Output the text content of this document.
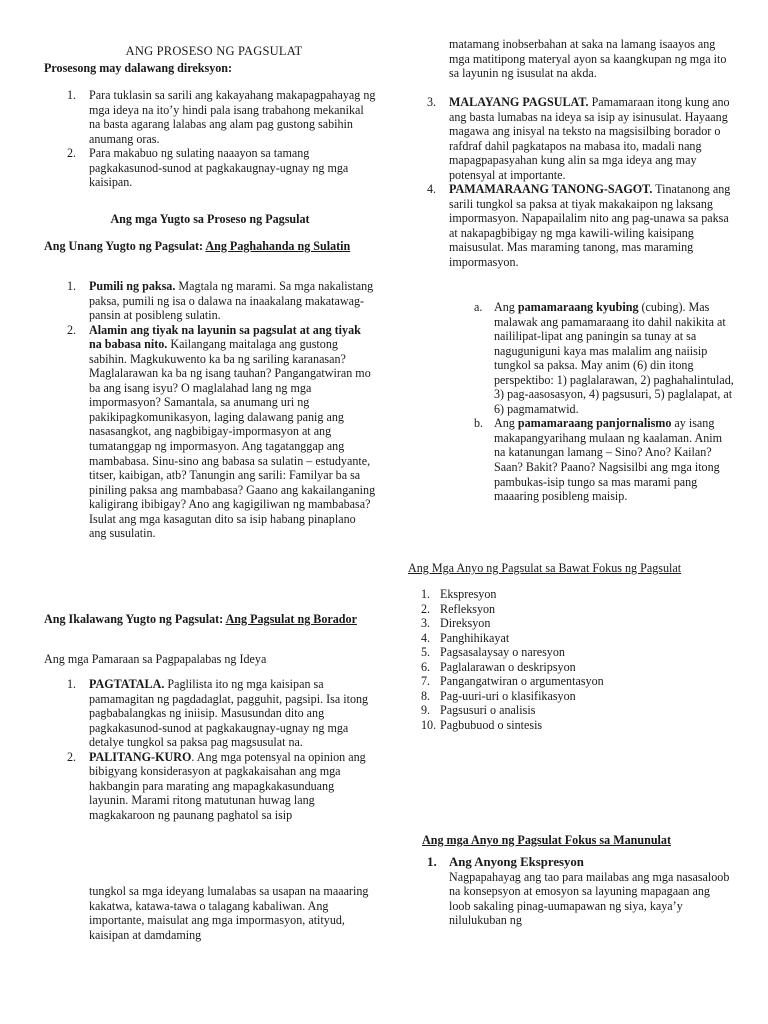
ANG PROSESO NG PAGSULAT

Prosesong may dalawang direksyon:

1. Para tuklasin sa sarili ang kakayahang makapagpahayag ng mga ideya na ito’y hindi pala isang trabahong mekanikal na basta agarang lalabas ang alam pag gustong sabihin anumang oras.
2. Para makabuo ng sulating naaayon sa tamang pagkakasunod-sunod at pagkakaugnay-ugnay ng mga kaisipan.

Ang mga Yugto sa Proseso ng Pagsulat

Ang Unang Yugto ng Pagsulat: Ang Paghahanda ng Sulatin

1. Pumili ng paksa. Magtala ng marami. Sa mga nakalistang paksa, pumili ng isa o dalawa na inaakalang makatawag-pansin at posibleng sulatin.
2. Alamin ang tiyak na layunin sa pagsulat at ang tiyak na babasa nito. Kailangang maitalaga ang gustong sabihin. Magkukuwento ka ba ng sariling karanasan? Maglalarawan ka ba ng isang tauhan? Pangangatwiran mo ba ang isang isyu? O maglalahad lang ng mga impormasyon? Samantala, sa anumang uri ng pakikipagkomunikasyon, laging dalawang panig ang nasasangkot, ang nagbibigay-impormasyon at ang tumatanggap ng impormasyon. Ang tagatanggap ang mambabasa. Sinu-sino ang babasa sa sulatin – estudyante, titser, kaibigan, atb? Tanungin ang sarili: Familyar ba sa piniling paksa ang mambabasa? Gaano ang kakailanganing kaligirang ibibigay? Ano ang kagigiliwan ng mambabasa? Isulat ang mga kasagutan dito sa isip habang pinaplano ang susulatin.

Ang Ikalawang Yugto ng Pagsulat: Ang Pagsulat ng Borador

Ang mga Pamaraan sa Pagpapalabas ng Ideya

1. PAGTATALA. Paglilista ito ng mga kaisipan sa pamamagitan ng pagdadaglat, pagguhit, pagsipi. Isa itong pagbabalangkas ng iniisip. Masusundan dito ang pagkakasunod-sunod at pagkakaugnay-ugnay ng mga detalye tungkol sa paksa pag magsusulat na.
2. PALITANG-KURO. Ang mga potensyal na opinion ang bibigyang konsiderasyon at pagkakaisahan ang mga hakbangin para marating ang mapagkakasunduang layunin. Marami ritong matutunan huwag lang magkakaroon ng paunang paghatol sa isip

tungkol sa mga ideyang lumalabas sa usapan na maaaring kakatwa, katawa-tawa o talagang kabaliwan. Ang importante, maisulat ang mga impormasyon, atityud, kaisipan at damdaming

matamang inobserbahan at saka na lamang isaayos ang mga matitipong materyal ayon sa kaangkupan ng mga ito sa layunin ng isusulat na akda.

3. MALAYANG PAGSULAT. Pamamaraan itong kung ano ang basta lumabas na ideya sa isip ay isinusulat. Hayaang magawa ang inisyal na teksto na magsisilbing borador o rafdraf dahil pagkatapos na mabasa ito, madali nang mapagpapasyahan kung alin sa mga ideya ang may potensyal at importante.
4. PAMAMARAANG TANONG-SAGOT. Tinatanong ang sarili tungkol sa paksa at tiyak makakaipon ng laksang impormasyon. Napapailalim nito ang pag-unawa sa paksa at nakapagbibigay ng mga kawili-wiling kaisipang maisusulat. Mas maraming tanong, mas maraming impormasyon.
a. Ang pamamaraang kyubing (cubing). Mas malawak ang pamamaraang ito dahil nakikita at naililipat-lipat ang paningin sa tunay at sa naguguniguni kaya mas malalim ang naiisip tungkol sa paksa. May anim (6) din itong perspektibo: 1) paglalarawan, 2) paghahalintulad, 3) pag-aasosasyon, 4) pagsusuri, 5) paglalapat, at 6) pagmamatwid.
b. Ang pamamaraang panjornalismo ay isang makapangyarihang mulaan ng kaalaman. Anim na katanungan lamang – Sino? Ano? Kailan? Saan? Bakit? Paano? Nagsisilbi ang mga itong pambukas-isip tungo sa mas marami pang maaaring posibleng maisip.

Ang Mga Anyo ng Pagsulat sa Bawat Fokus ng Pagsulat

1. Ekspresyon
2. Refleksyon
3. Direksyon
4. Panghihikayat
5. Pagsasalaysay o naresyon
6. Paglalarawan o deskripsyon
7. Pangangatwiran o argumentasyon
8. Pag-uuri-uri o klasifikasyon
9. Pagsusuri o analisis
10. Pagbubuod o sintesis

Ang mga Anyo ng Pagsulat Fokus sa Manunulat

1. Ang Anyong Ekspresyon
Nagpapahayag ang tao para mailabas ang mga nasasaloob na konsepsyon at emosyon sa layuning mapagaan ang loob sakaling pinag-uumapawan ng siya, kaya’y nilulukuban ng
